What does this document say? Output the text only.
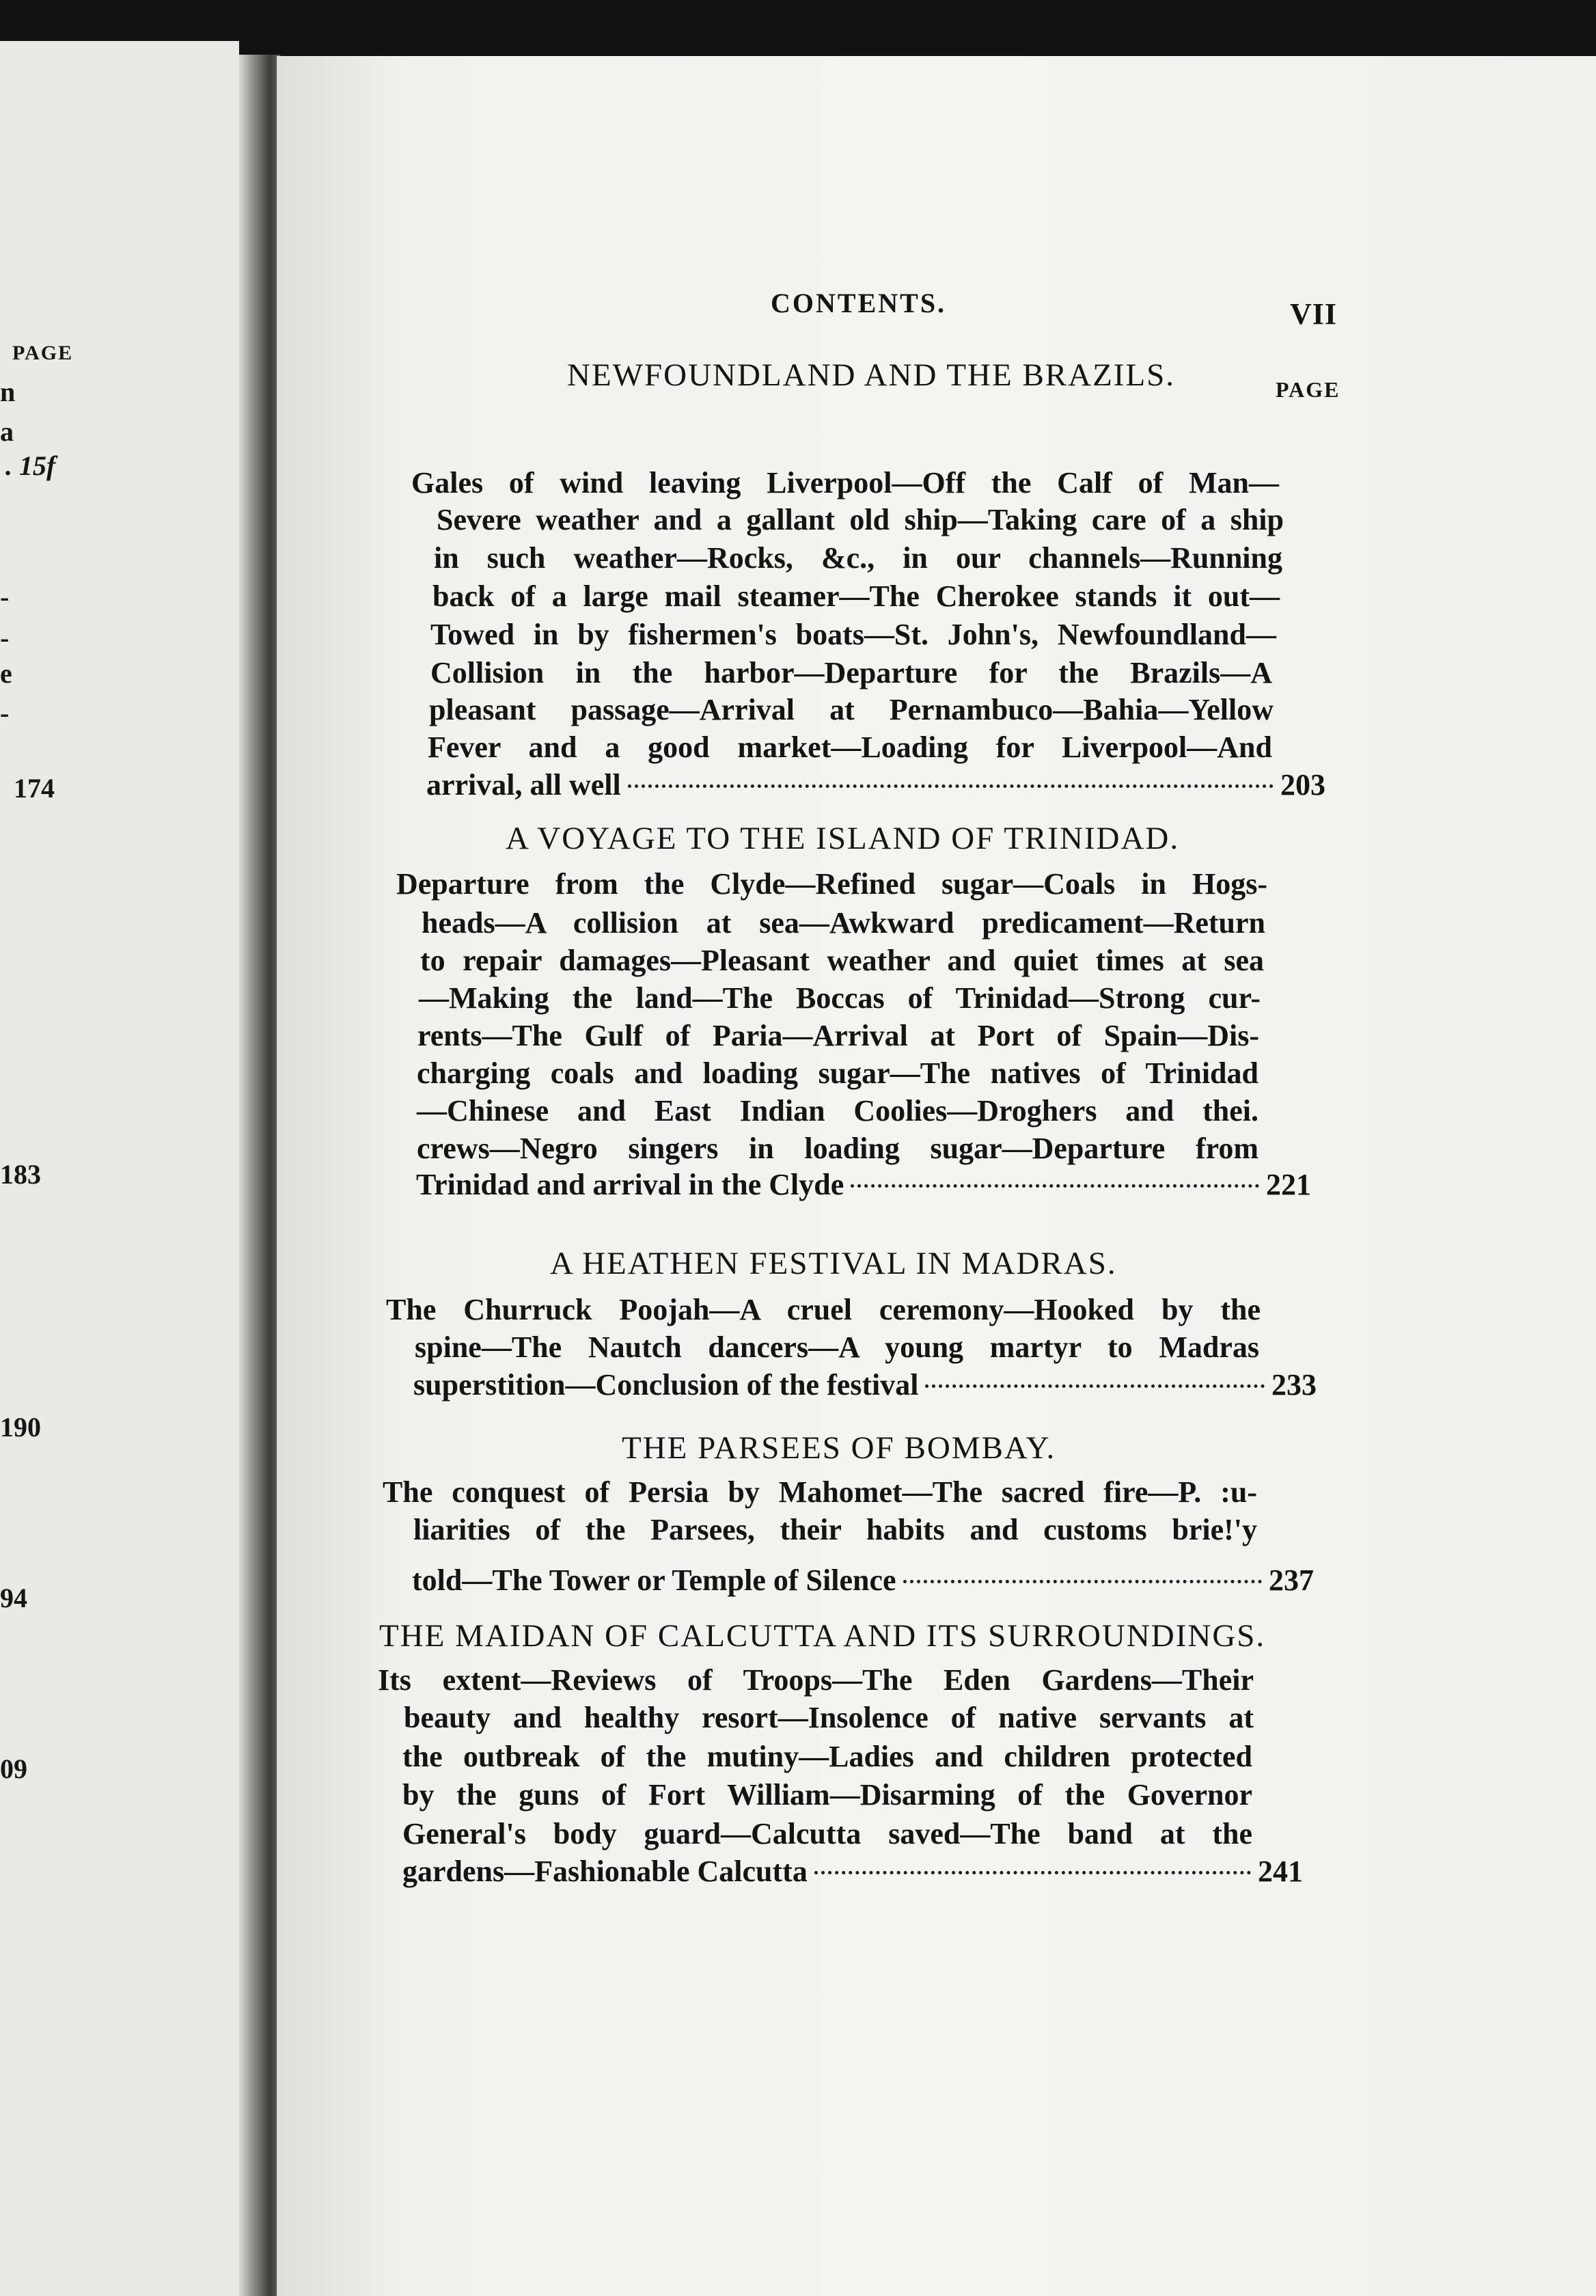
PAGE
n
a
. 15f
-
-
e
-
174
183
190
94
09
CONTENTS.	VII
PAGE
NEWFOUNDLAND AND THE BRAZILS.
Gales of wind leaving Liverpool—Off the Calf of Man—
Severe weather and a gallant old ship—Taking care of a ship
in such weather—Rocks, &c., in our channels—Running
back of a large mail steamer—The Cherokee stands it out—
Towed in by fishermen's boats—St. John's, Newfoundland—
Collision in the harbor—Departure for the Brazils—A
pleasant passage—Arrival at Pernambuco—Bahia—Yellow
Fever and a good market—Loading for Liverpool—And
arrival, all well	203
A VOYAGE TO THE ISLAND OF TRINIDAD.
Departure from the Clyde—Refined sugar—Coals in Hogs-
heads—A collision at sea—Awkward predicament—Return
to repair damages—Pleasant weather and quiet times at sea
—Making the land—The Boccas of Trinidad—Strong cur-
rents—The Gulf of Paria—Arrival at Port of Spain—Dis-
charging coals and loading sugar—The natives of Trinidad
—Chinese and East Indian Coolies—Droghers and thei.
crews—Negro singers in loading sugar—Departure from
Trinidad and arrival in the Clyde	221
A HEATHEN FESTIVAL IN MADRAS.
The Churruck Poojah—A cruel ceremony—Hooked by the
spine—The Nautch dancers—A young martyr to Madras
superstition—Conclusion of the festival	233
THE PARSEES OF BOMBAY.
The conquest of Persia by Mahomet—The sacred fire—P. :u-
liarities of the Parsees, their habits and customs brie!'y
told—The Tower or Temple of Silence	237
THE MAIDAN OF CALCUTTA AND ITS SURROUNDINGS.
Its extent—Reviews of Troops—The Eden Gardens—Their
beauty and healthy resort—Insolence of native servants at
the outbreak of the mutiny—Ladies and children protected
by the guns of Fort William—Disarming of the Governor
General's body guard—Calcutta saved—The band at the
gardens—Fashionable Calcutta	241
